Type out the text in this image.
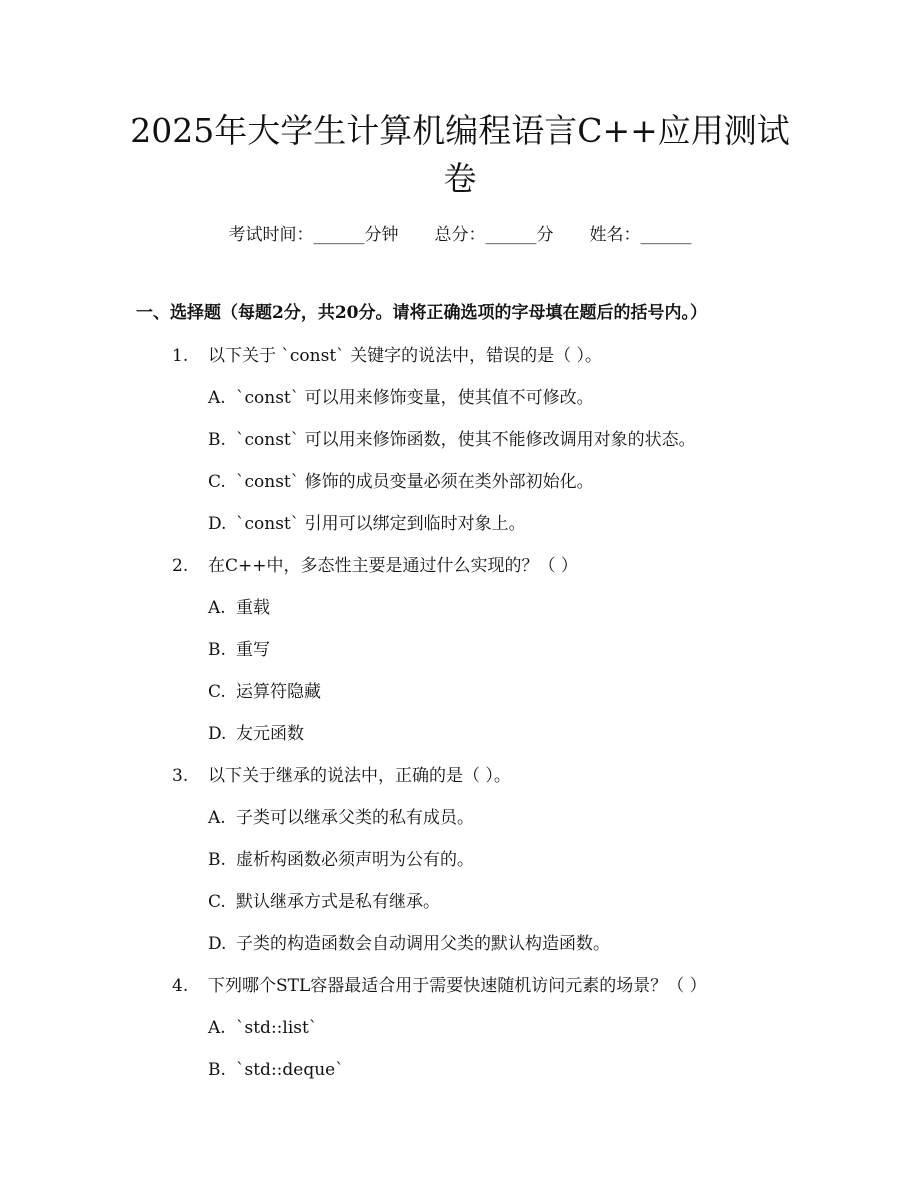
2025年大学生计算机编程语言C++应用测试卷
考试时间：______分钟 总分：______分 姓名：______
一、选择题（每题2分，共20分。请将正确选项的字母填在题后的括号内。）
1. 以下关于 `const` 关键字的说法中，错误的是（ ）。
A. `const` 可以用来修饰变量，使其值不可修改。
B. `const` 可以用来修饰函数，使其不能修改调用对象的状态。
C. `const` 修饰的成员变量必须在类外部初始化。
D. `const` 引用可以绑定到临时对象上。
2. 在C++中，多态性主要是通过什么实现的？（ ）
A. 重载
B. 重写
C. 运算符隐藏
D. 友元函数
3. 以下关于继承的说法中，正确的是（ ）。
A. 子类可以继承父类的私有成员。
B. 虚析构函数必须声明为公有的。
C. 默认继承方式是私有继承。
D. 子类的构造函数会自动调用父类的默认构造函数。
4. 下列哪个STL容器最适合用于需要快速随机访问元素的场景？（ ）
A. `std::list`
B. `std::deque`
